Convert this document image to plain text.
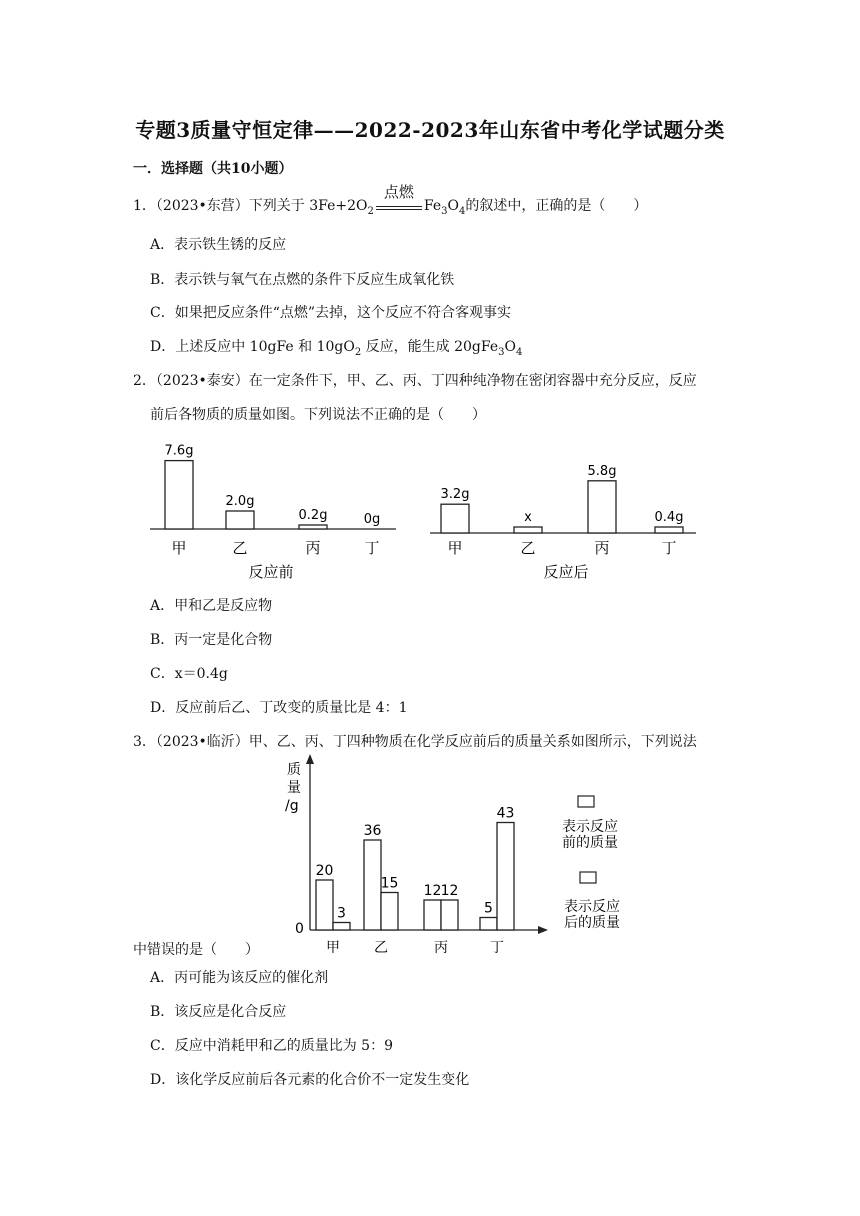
专题3质量守恒定律——2022-2023年山东省中考化学试题分类
一．选择题（共10小题）
1．（2023•东营）下列关于 $3Fe+2O_2$
点燃
$Fe_3O_4$的叙述中，正确的是（　　）
A．表示铁生锈的反应
B．表示铁与氧气在点燃的条件下反应生成氧化铁
C．如果把反应条件“点燃”去掉，这个反应不符合客观事实
D．上述反应中 10gFe 和 $10gO_2$ 反应，能生成 $20gFe_3O_4$
2．（2023•泰安）在一定条件下，甲、乙、丙、丁四种纯净物在密闭容器中充分反应，反应
前后各物质的质量如图。下列说法不正确的是（　　）
7.6g
2.0g
0.2g	0g
甲	乙	丙	丁
反应前
3.2g
x
5.8g
0.4g
甲	乙	丙	丁
反应后
A．甲和乙是反应物
B．丙一定是化合物
C．x＝0.4g
D．反应前后乙、丁改变的质量比是 4：1
3．（2023•临沂）甲、乙、丙、丁四种物质在化学反应前后的质量关系如图所示，下列说法
质
量
/g
0
20
3
甲
36
15
乙
12 12
丙
5
43
丁
表示反应
前的质量
表示反应
后的质量
中错误的是（　　）
A．丙可能为该反应的催化剂
B．该反应是化合反应
C．反应中消耗甲和乙的质量比为 5：9
D．该化学反应前后各元素的化合价不一定发生变化
